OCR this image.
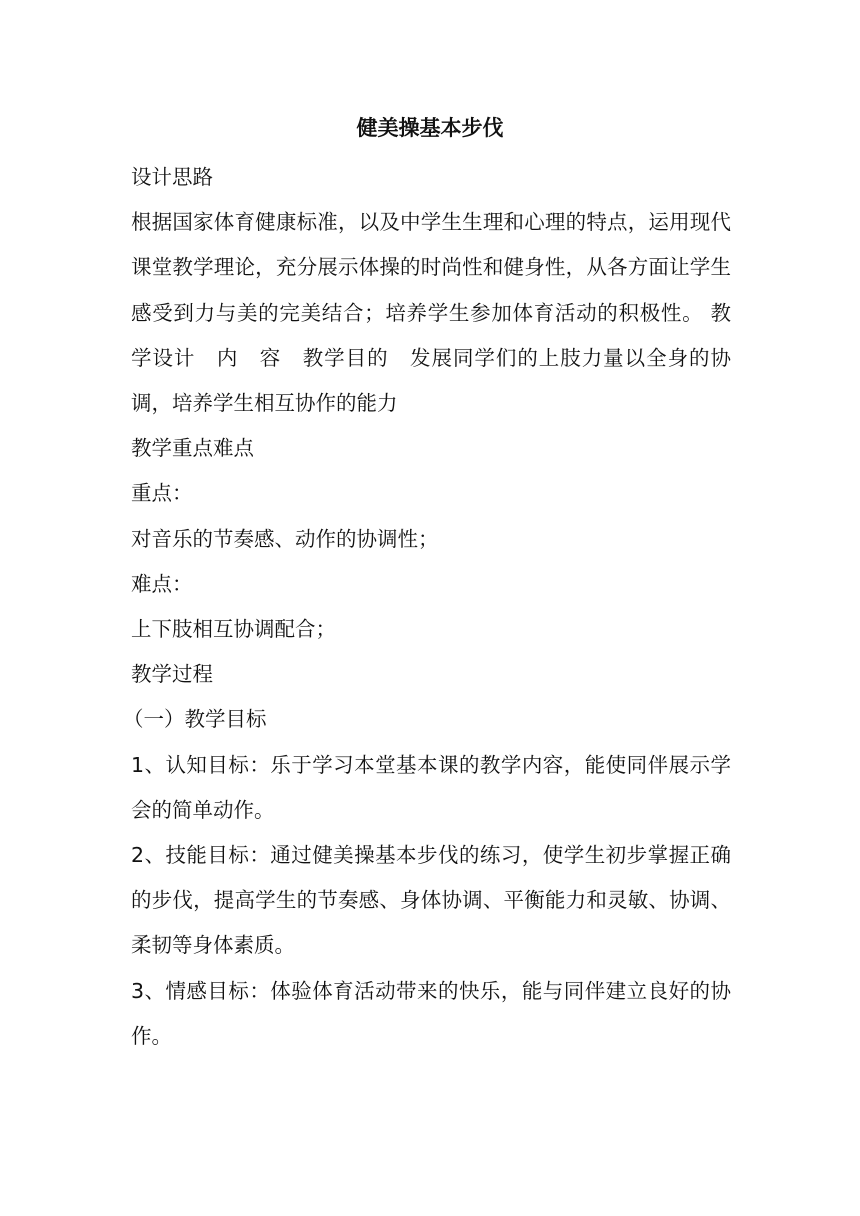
健美操基本步伐

设计思路

根据国家体育健康标准，以及中学生生理和心理的特点，运用现代课堂教学理论，充分展示体操的时尚性和健身性，从各方面让学生感受到力与美的完美结合；培养学生参加体育活动的积极性。 教学设计　内　容　教学目的　发展同学们的上肢力量以全身的协调，培养学生相互协作的能力

教学重点难点

重点：

对音乐的节奏感、动作的协调性；

难点：

上下肢相互协调配合；

教学过程

（一）教学目标

1、认知目标：乐于学习本堂基本课的教学内容，能使同伴展示学会的简单动作。

2、技能目标：通过健美操基本步伐的练习，使学生初步掌握正确的步伐，提高学生的节奏感、身体协调、平衡能力和灵敏、协调、柔韧等身体素质。

3、情感目标：体验体育活动带来的快乐，能与同伴建立良好的协作。
